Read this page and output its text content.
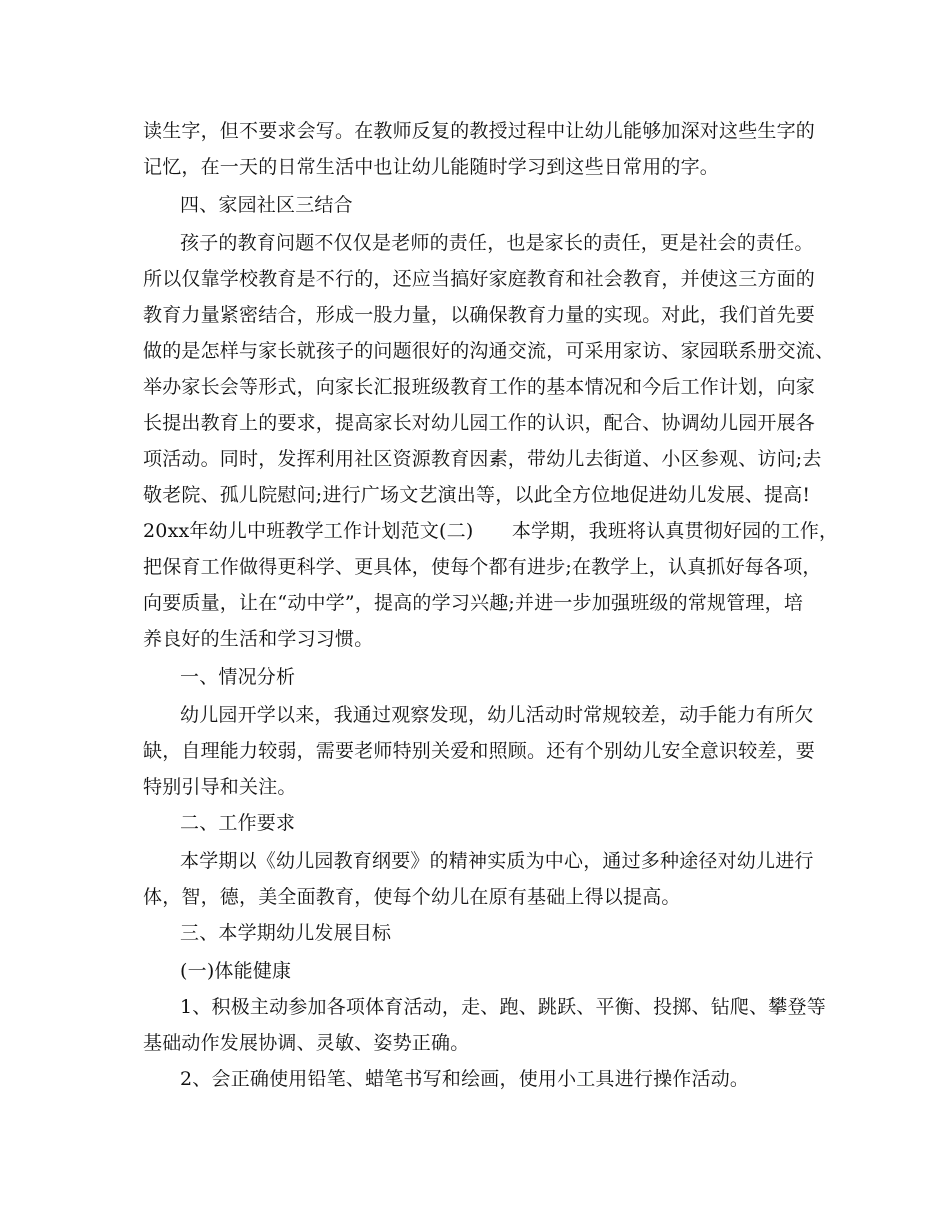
读生字，但不要求会写。在教师反复的教授过程中让幼儿能够加深对这些生字的
记忆，在一天的日常生活中也让幼儿能随时学习到这些日常用的字。
四、家园社区三结合
孩子的教育问题不仅仅是老师的责任，也是家长的责任，更是社会的责任。
所以仅靠学校教育是不行的，还应当搞好家庭教育和社会教育，并使这三方面的
教育力量紧密结合，形成一股力量，以确保教育力量的实现。对此，我们首先要
做的是怎样与家长就孩子的问题很好的沟通交流，可采用家访、家园联系册交流、
举办家长会等形式，向家长汇报班级教育工作的基本情况和今后工作计划，向家
长提出教育上的要求，提高家长对幼儿园工作的认识，配合、协调幼儿园开展各
项活动。同时，发挥利用社区资源教育因素，带幼儿去街道、小区参观、访问;去
敬老院、孤儿院慰问;进行广场文艺演出等，以此全方位地促进幼儿发展、提高!
20xx年幼儿中班教学工作计划范文(二)　　本学期，我班将认真贯彻好园的工作，
把保育工作做得更科学、更具体，使每个都有进步;在教学上，认真抓好每各项，
向要质量，让在“动中学”，提高的学习兴趣;并进一步加强班级的常规管理，培
养良好的生活和学习习惯。
一、情况分析
幼儿园开学以来，我通过观察发现，幼儿活动时常规较差，动手能力有所欠
缺，自理能力较弱，需要老师特别关爱和照顾。还有个别幼儿安全意识较差，要
特别引导和关注。
二、工作要求
本学期以《幼儿园教育纲要》的精神实质为中心，通过多种途径对幼儿进行
体，智，德，美全面教育，使每个幼儿在原有基础上得以提高。
三、本学期幼儿发展目标
(一)体能健康
1、积极主动参加各项体育活动，走、跑、跳跃、平衡、投掷、钻爬、攀登等
基础动作发展协调、灵敏、姿势正确。
2、会正确使用铅笔、蜡笔书写和绘画，使用小工具进行操作活动。
